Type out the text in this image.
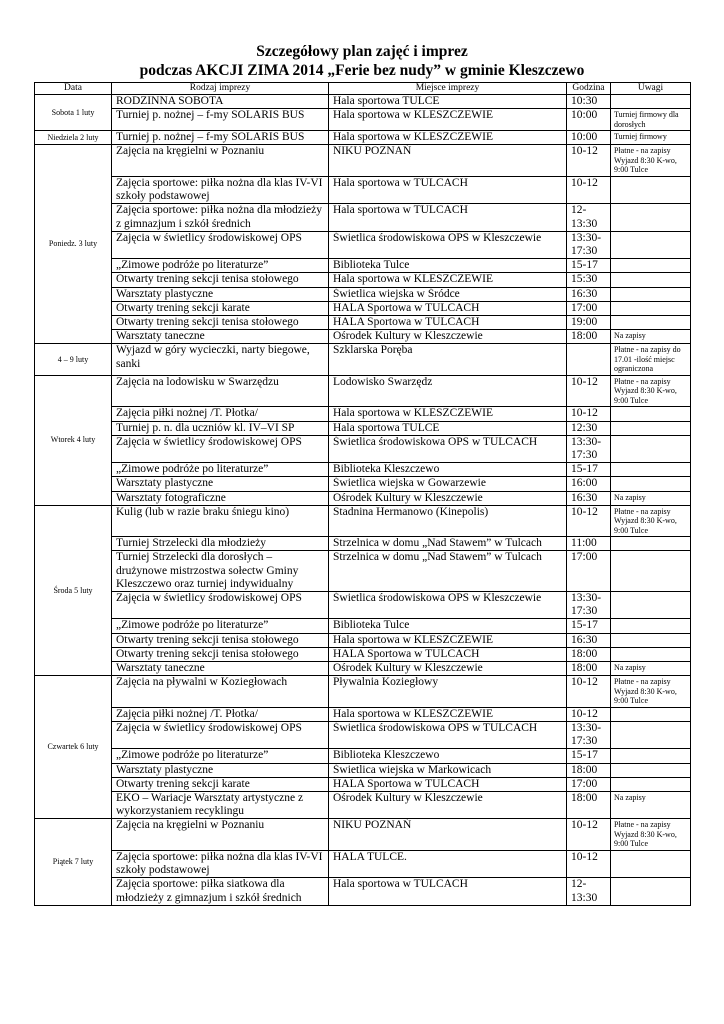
Szczegółowy plan zajęć i imprez
podczas AKCJI ZIMA 2014 „Ferie bez nudy” w gminie Kleszczewo
Data	Rodzaj imprezy	Miejsce imprezy	Godzina	Uwagi
Sobota 1 luty	RODZINNA SOBOTA	Hala sportowa TULCE	10:30	
	Turniej p. nożnej – f-my SOLARIS BUS	Hala sportowa w KLESZCZEWIE	10:00	Turniej firmowy dla dorosłych
Niedziela 2 luty	Turniej p. nożnej – f-my SOLARIS BUS	Hala sportowa w KLESZCZEWIE	10:00	Turniej firmowy
Poniedz. 3 luty	Zajęcia na kręgielni w Poznaniu	NIKU POZNAŃ	10-12	Płatne - na zapisy Wyjazd 8:30 K-wo, 9:00 Tulce
	Zajęcia sportowe: piłka nożna dla klas IV-VI szkoły podstawowej	Hala sportowa w TULCACH	10-12	
	Zajęcia sportowe: piłka nożna dla młodzieży z gimnazjum i szkół średnich	Hala sportowa w TULCACH	12-13:30	
	Zajęcia w świetlicy środowiskowej OPS	Świetlica środowiskowa OPS w Kleszczewie	13:30-17:30	
	„Zimowe podróże po literaturze”	Biblioteka Tulce	15-17	
	Otwarty trening sekcji tenisa stołowego	Hala sportowa w KLESZCZEWIE	15:30	
	Warsztaty plastyczne	Świetlica wiejska w Śródce	16:30	
	Otwarty trening sekcji karate	HALA Sportowa w TULCACH	17:00	
	Otwarty trening sekcji tenisa stołowego	HALA Sportowa w TULCACH	19:00	
	Warsztaty taneczne	Ośrodek Kultury w Kleszczewie	18:00	Na zapisy
4 – 9 luty	Wyjazd w góry wycieczki, narty biegowe, sanki	Szklarska Poręba		Płatne - na zapisy do 17.01 -ilość miejsc ograniczona
Wtorek 4 luty	Zajęcia na lodowisku w Swarzędzu	Lodowisko Swarzędz	10-12	Płatne - na zapisy Wyjazd 8:30 K-wo, 9:00 Tulce
	Zajęcia piłki nożnej /T. Płotka/	Hala sportowa w KLESZCZEWIE	10-12	
	Turniej p. n. dla uczniów kl. IV–VI SP	Hala sportowa TULCE	12:30	
	Zajęcia w świetlicy środowiskowej OPS	Świetlica środowiskowa OPS w TULCACH	13:30-17:30	
	„Zimowe podróże po literaturze”	Biblioteka Kleszczewo	15-17	
	Warsztaty plastyczne	Świetlica wiejska w Gowarzewie	16:00	
	Warsztaty fotograficzne	Ośrodek Kultury w Kleszczewie	16:30	Na zapisy
Środa 5 luty	Kulig (lub w razie braku śniegu kino)	Stadnina Hermanowo (Kinepolis)	10-12	Płatne - na zapisy Wyjazd 8:30 K-wo, 9:00 Tulce
	Turniej Strzelecki dla młodzieży	Strzelnica w domu „Nad Stawem” w Tulcach	11:00	
	Turniej Strzelecki dla dorosłych – drużynowe mistrzostwa sołectw Gminy Kleszczewo oraz turniej indywidualny	Strzelnica w domu „Nad Stawem” w Tulcach	17:00	
	Zajęcia w świetlicy środowiskowej OPS	Świetlica środowiskowa OPS w Kleszczewie	13:30-17:30	
	„Zimowe podróże po literaturze”	Biblioteka Tulce	15-17	
	Otwarty trening sekcji tenisa stołowego	Hala sportowa w KLESZCZEWIE	16:30	
	Otwarty trening sekcji tenisa stołowego	HALA Sportowa w TULCACH	18:00	
	Warsztaty taneczne	Ośrodek Kultury w Kleszczewie	18:00	Na zapisy
Czwartek 6 luty	Zajęcia na pływalni w Koziegłowach	Pływalnia Koziegłowy	10-12	Płatne - na zapisy Wyjazd 8:30 K-wo, 9:00 Tulce
	Zajęcia piłki nożnej /T. Płotka/	Hala sportowa w KLESZCZEWIE	10-12	
	Zajęcia w świetlicy środowiskowej OPS	Świetlica środowiskowa OPS w TULCACH	13:30-17:30	
	„Zimowe podróże po literaturze”	Biblioteka Kleszczewo	15-17	
	Warsztaty plastyczne	Świetlica wiejska w Markowicach	18:00	
	Otwarty trening sekcji karate	HALA Sportowa w TULCACH	17:00	
	EKO – Wariacje Warsztaty artystyczne z wykorzystaniem recyklingu	Ośrodek Kultury w Kleszczewie	18:00	Na zapisy
Piątek 7 luty	Zajęcia na kręgielni w Poznaniu	NIKU POZNAŃ	10-12	Płatne - na zapisy Wyjazd 8:30 K-wo, 9:00 Tulce
	Zajęcia sportowe: piłka nożna dla klas IV-VI szkoły podstawowej	HALA TULCE.	10-12	
	Zajęcia sportowe: piłka siatkowa dla młodzieży z gimnazjum i szkół średnich	Hala sportowa w TULCACH	12-13:30	
